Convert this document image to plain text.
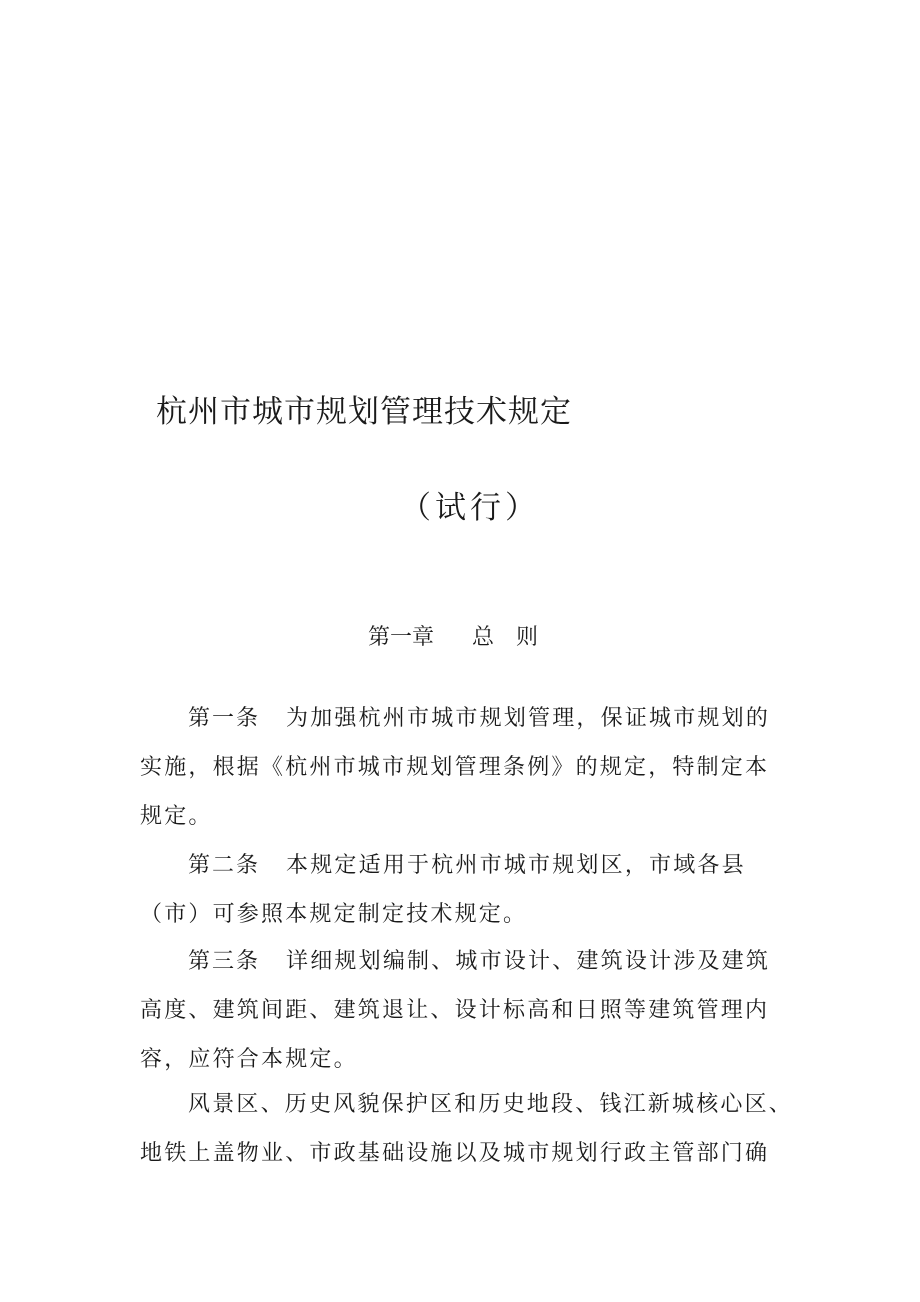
杭州市城市规划管理技术规定
（试行）
第一章 总 则
第一条 为加强杭州市城市规划管理，保证城市规划的
实施，根据《杭州市城市规划管理条例》的规定，特制定本
规定。
第二条 本规定适用于杭州市城市规划区，市域各县
（市）可参照本规定制定技术规定。
第三条 详细规划编制、城市设计、建筑设计涉及建筑
高度、建筑间距、建筑退让、设计标高和日照等建筑管理内
容，应符合本规定。
风景区、历史风貌保护区和历史地段、钱江新城核心区、
地铁上盖物业、市政基础设施以及城市规划行政主管部门确
